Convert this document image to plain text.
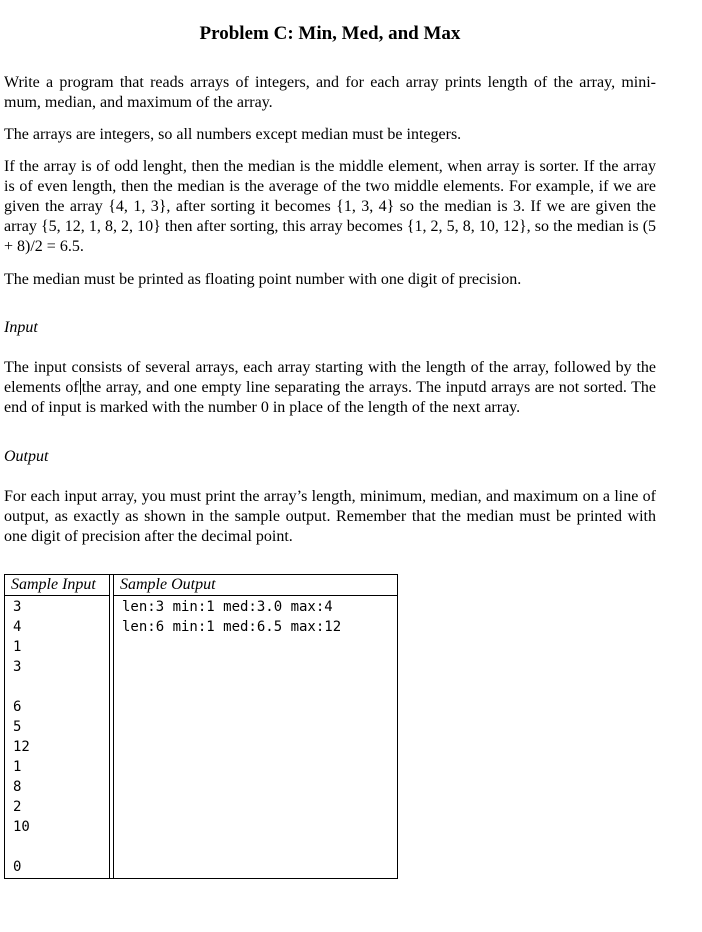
Problem C: Min, Med, and Max

Write a program that reads arrays of integers, and for each array prints length of the array, mini-
mum, median, and maximum of the array.

The arrays are integers, so all numbers except median must be integers.

If the array is of odd lenght, then the median is the middle element, when array is sorter. If the array is of even length, then the median is the average of the two middle elements. For example, if we are given the array {4, 1, 3}, after sorting it becomes {1, 3, 4} so the median is 3. If we are given the array {5, 12, 1, 8, 2, 10} then after sorting, this array becomes {1, 2, 5, 8, 10, 12}, so the median is (5 + 8)/2 = 6.5.

The median must be printed as floating point number with one digit of precision.

Input

The input consists of several arrays, each array starting with the length of the array, followed by the elements of the array, and one empty line separating the arrays. The inputd arrays are not sorted. The end of input is marked with the number 0 in place of the length of the next array.

Output

For each input array, you must print the array’s length, minimum, median, and maximum on a line of output, as exactly as shown in the sample output. Remember that the median must be printed with one digit of precision after the decimal point.

Sample Input
3
4
1
3
6
5
12
1
8
2
10
0
Sample Output
len:3 min:1 med:3.0 max:4
len:6 min:1 med:6.5 max:12
